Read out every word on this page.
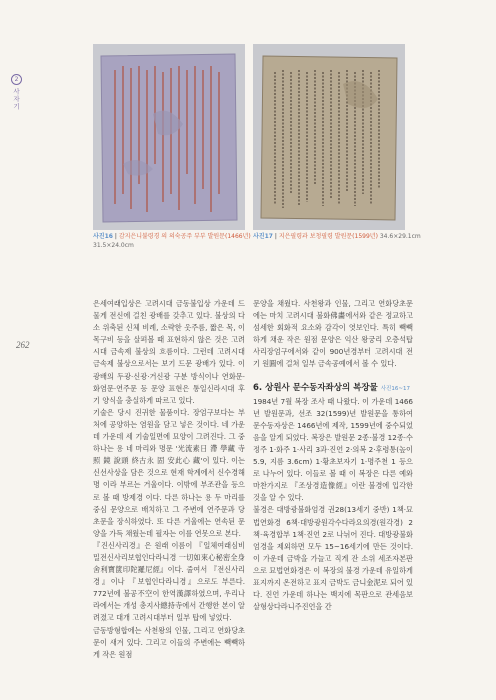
2
사자기
262
사진16 | 감지은니불령경 의 의숙공주 부부 발원문(1466년)
31.5×24.0cm
사진17 | 지은필령과 보청필령 발원문(1599년) 34.6×29.1cm

은세여래입상은 고려시대 금동불입상 가운데 드물게 전신에 걸친 광배를 갖추고 있다. 불상의 다소 위축된 신체 비례, 소략한 옷주름, 짧은 목, 이목구비 등을 살펴볼 때 표현하지 않은 것은 고려시대 금속제 불상의 흐름이다. 그런데 고려시대 금속제 불상으로서는 보기 드문 광배가 있다. 이 광배의 두광·신광·거신광 구분 방식이나 연화문·화염문·연주문 등 문양 표현은 통일신라시대 후기 양식을 충실하게 따르고 있다.

기술은 당시 진귀한 물품이다. 장엄구보다는 부처에 공양하는 염원을 담고 넣은 것이다. 네 가운데 가운데 세 기술일면에 묘양이 그려진다. 그 중 하나는 용 네 마리와 명문 '光流素日 滯 學藏 寺 照 鏡 說頭 終古永 固 安此心 藏'이 있다. 이는 신선사상을 담은 것으로 현재 학계에서 신수경해명 이라 부르는 거울이다. 이밖에 부조관을 등으로 볼 때 방제경 이다. 다른 하나는 용 두 마리를 중심 문양으로 배치하고 그 주변에 연주문과 당초문을 장식하였다. 또 다른 거울에는 연속된 문양을 가득 채웠는데 필자는 이를 연못으로 본다.

『진신사리경』은 원래 이름이 『일체여래심비밀전신사리보협인다라니경 一切如來心秘密全身舍利寶篋印陀羅尼經』이다. 줄여서 『전신사리경』이나 『보협인다라니경』으로도 부른다. 772년에 불공不空이 한역漢譯하였으며, 우리나라에서는 개성 총지사總持寺에서 간행한 본이 알려졌고 대개 고려시대부터 일부 탑에 넣었다.

금동방형합에는 사천왕의 인물, 그리고 연화당초문이 새겨 있다. 그리고 이들의 주변에는 빽빽하게 작은 원점

문양을 채웠다. 사천왕과 인물, 그리고 연화당초문에는 마치 고려시대 불화佛畵에서와 같은 정교하고 섬세한 회화적 요소와 감각이 엿보인다. 특히 빽빽하게 채운 작은 원점 문양은 익산 왕궁리 오층석탑 사리장엄구에서와 같이 900년경부터 고려시대 전기 원圓에 걸쳐 일부 금속공예에서 볼 수 있다.

6. 상원사 문수동자좌상의 복장물 사진16~17

1984년 7월 복장 조사 때 나왔다. 이 가운데 1466년 발원문과, 선조 32(1599)년 발원문을 통하여 문수동자상은 1466년에 제작, 1599년에 중수되었음을 알게 되었다. 복장은 발원문 2종·불경 12종·수정주 1·화주 1·사리 3과·진언 2·의복 2·후령통(높이 5.9, 지름 3.6cm) 1·황초보자기 1·명주천 1 등으로 나누어 있다. 이들로 볼 때 이 복장은 다른 예와 마찬가지로 『조상경造像經』이란 불경에 입각한 것을 알 수 있다.

불경은 대방광불화엄경 권28(13세기 중반) 1책·묘법연화경 6책·대방광원각수다라요의경(원각경) 2책·육경합부 1책·진언 2로 나뉘어 진다. 대방광불화엄경을 제외하면 모두 15~16세기에 만든 것이다. 이 가운데 금박을 가늘고 직게 잔 소위 세조자본판으로 묘법연화경은 이 복장의 불경 가운데 유일하게 표지까지 온전하고 표지 금박도 금니金泥로 되어 있다. 진언 가운데 하나는 백지에 목판으로 관세음보살형상다라니주진언을 간
